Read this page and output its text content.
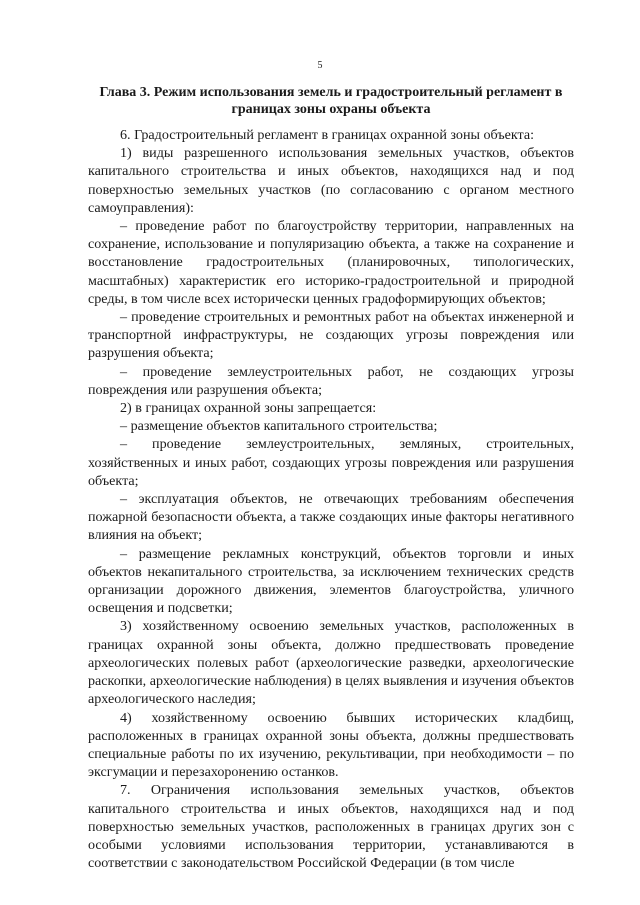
5
Глава 3. Режим использования земель и градостроительный регламент в границах зоны охраны объекта

6. Градостроительный регламент в границах охранной зоны объекта:

1) виды разрешенного использования земельных участков, объектов капитального строительства и иных объектов, находящихся над и под поверхностью земельных участков (по согласованию с органом местного самоуправления):

– проведение работ по благоустройству территории, направленных на сохранение, использование и популяризацию объекта, а также на сохранение и восстановление градостроительных (планировочных, типологических, масштабных) характеристик его историко-градостроительной и природной среды, в том числе всех исторически ценных градоформирующих объектов;

– проведение строительных и ремонтных работ на объектах инженерной и транспортной инфраструктуры, не создающих угрозы повреждения или разрушения объекта;

– проведение землеустроительных работ, не создающих угрозы повреждения или разрушения объекта;

2) в границах охранной зоны запрещается:

– размещение объектов капитального строительства;

– проведение землеустроительных, земляных, строительных, хозяйственных и иных работ, создающих угрозы повреждения или разрушения объекта;

– эксплуатация объектов, не отвечающих требованиям обеспечения пожарной безопасности объекта, а также создающих иные факторы негативного влияния на объект;

– размещение рекламных конструкций, объектов торговли и иных объектов некапитального строительства, за исключением технических средств организации дорожного движения, элементов благоустройства, уличного освещения и подсветки;

3) хозяйственному освоению земельных участков, расположенных в границах охранной зоны объекта, должно предшествовать проведение археологических полевых работ (археологические разведки, археологические раскопки, археологические наблюдения) в целях выявления и изучения объектов археологического наследия;

4) хозяйственному освоению бывших исторических кладбищ, расположенных в границах охранной зоны объекта, должны предшествовать специальные работы по их изучению, рекультивации, при необходимости – по эксгумации и перезахоронению останков.

7. Ограничения использования земельных участков, объектов капитального строительства и иных объектов, находящихся над и под поверхностью земельных участков, расположенных в границах других зон с особыми условиями использования территории, устанавливаются в соответствии с законодательством Российской Федерации (в том числе
